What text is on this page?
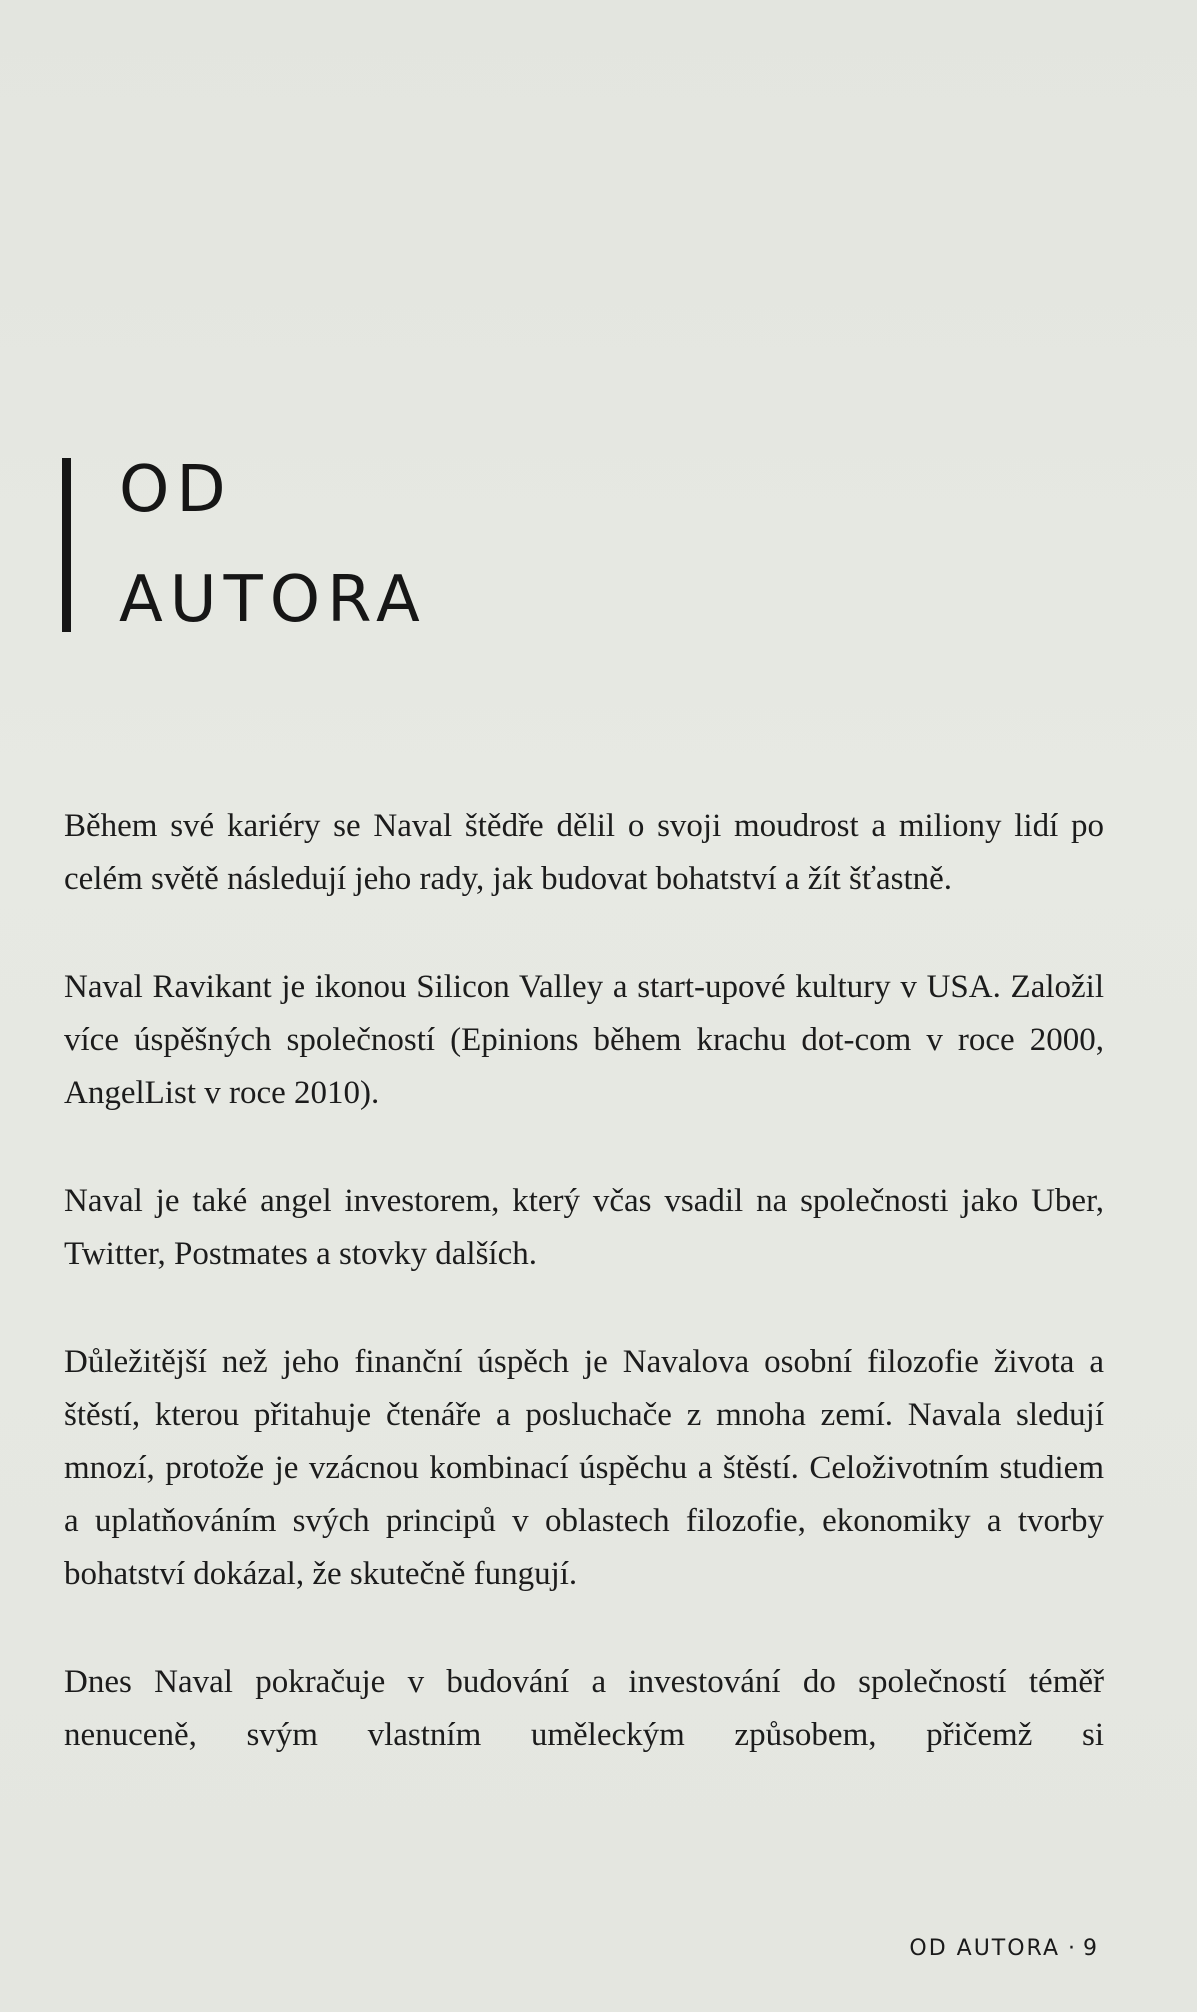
OD
AUTORA

Během své kariéry se Naval štědře dělil o svoji moudrost a miliony lidí po celém světě následují jeho rady, jak budovat bohatství a žít šťastně.

Naval Ravikant je ikonou Silicon Valley a start-upové kultury v USA. Založil více úspěšných společností (Epinions během krachu dot-com v roce 2000, AngelList v roce 2010).

Naval je také angel investorem, který včas vsadil na společnosti jako Uber, Twitter, Postmates a stovky dalších.

Důležitější než jeho finanční úspěch je Navalova osobní filozofie života a štěstí, kterou přitahuje čtenáře a posluchače z mnoha zemí. Navala sledují mnozí, protože je vzácnou kombinací úspěchu a štěstí. Celoživotním studiem a uplatňováním svých principů v oblastech filozofie, ekonomiky a tvorby bohatství dokázal, že skutečně fungují.

Dnes Naval pokračuje v budování a investování do společností téměř nenuceně, svým vlastním uměleckým způsobem, přičemž si

OD AUTORA · 9
